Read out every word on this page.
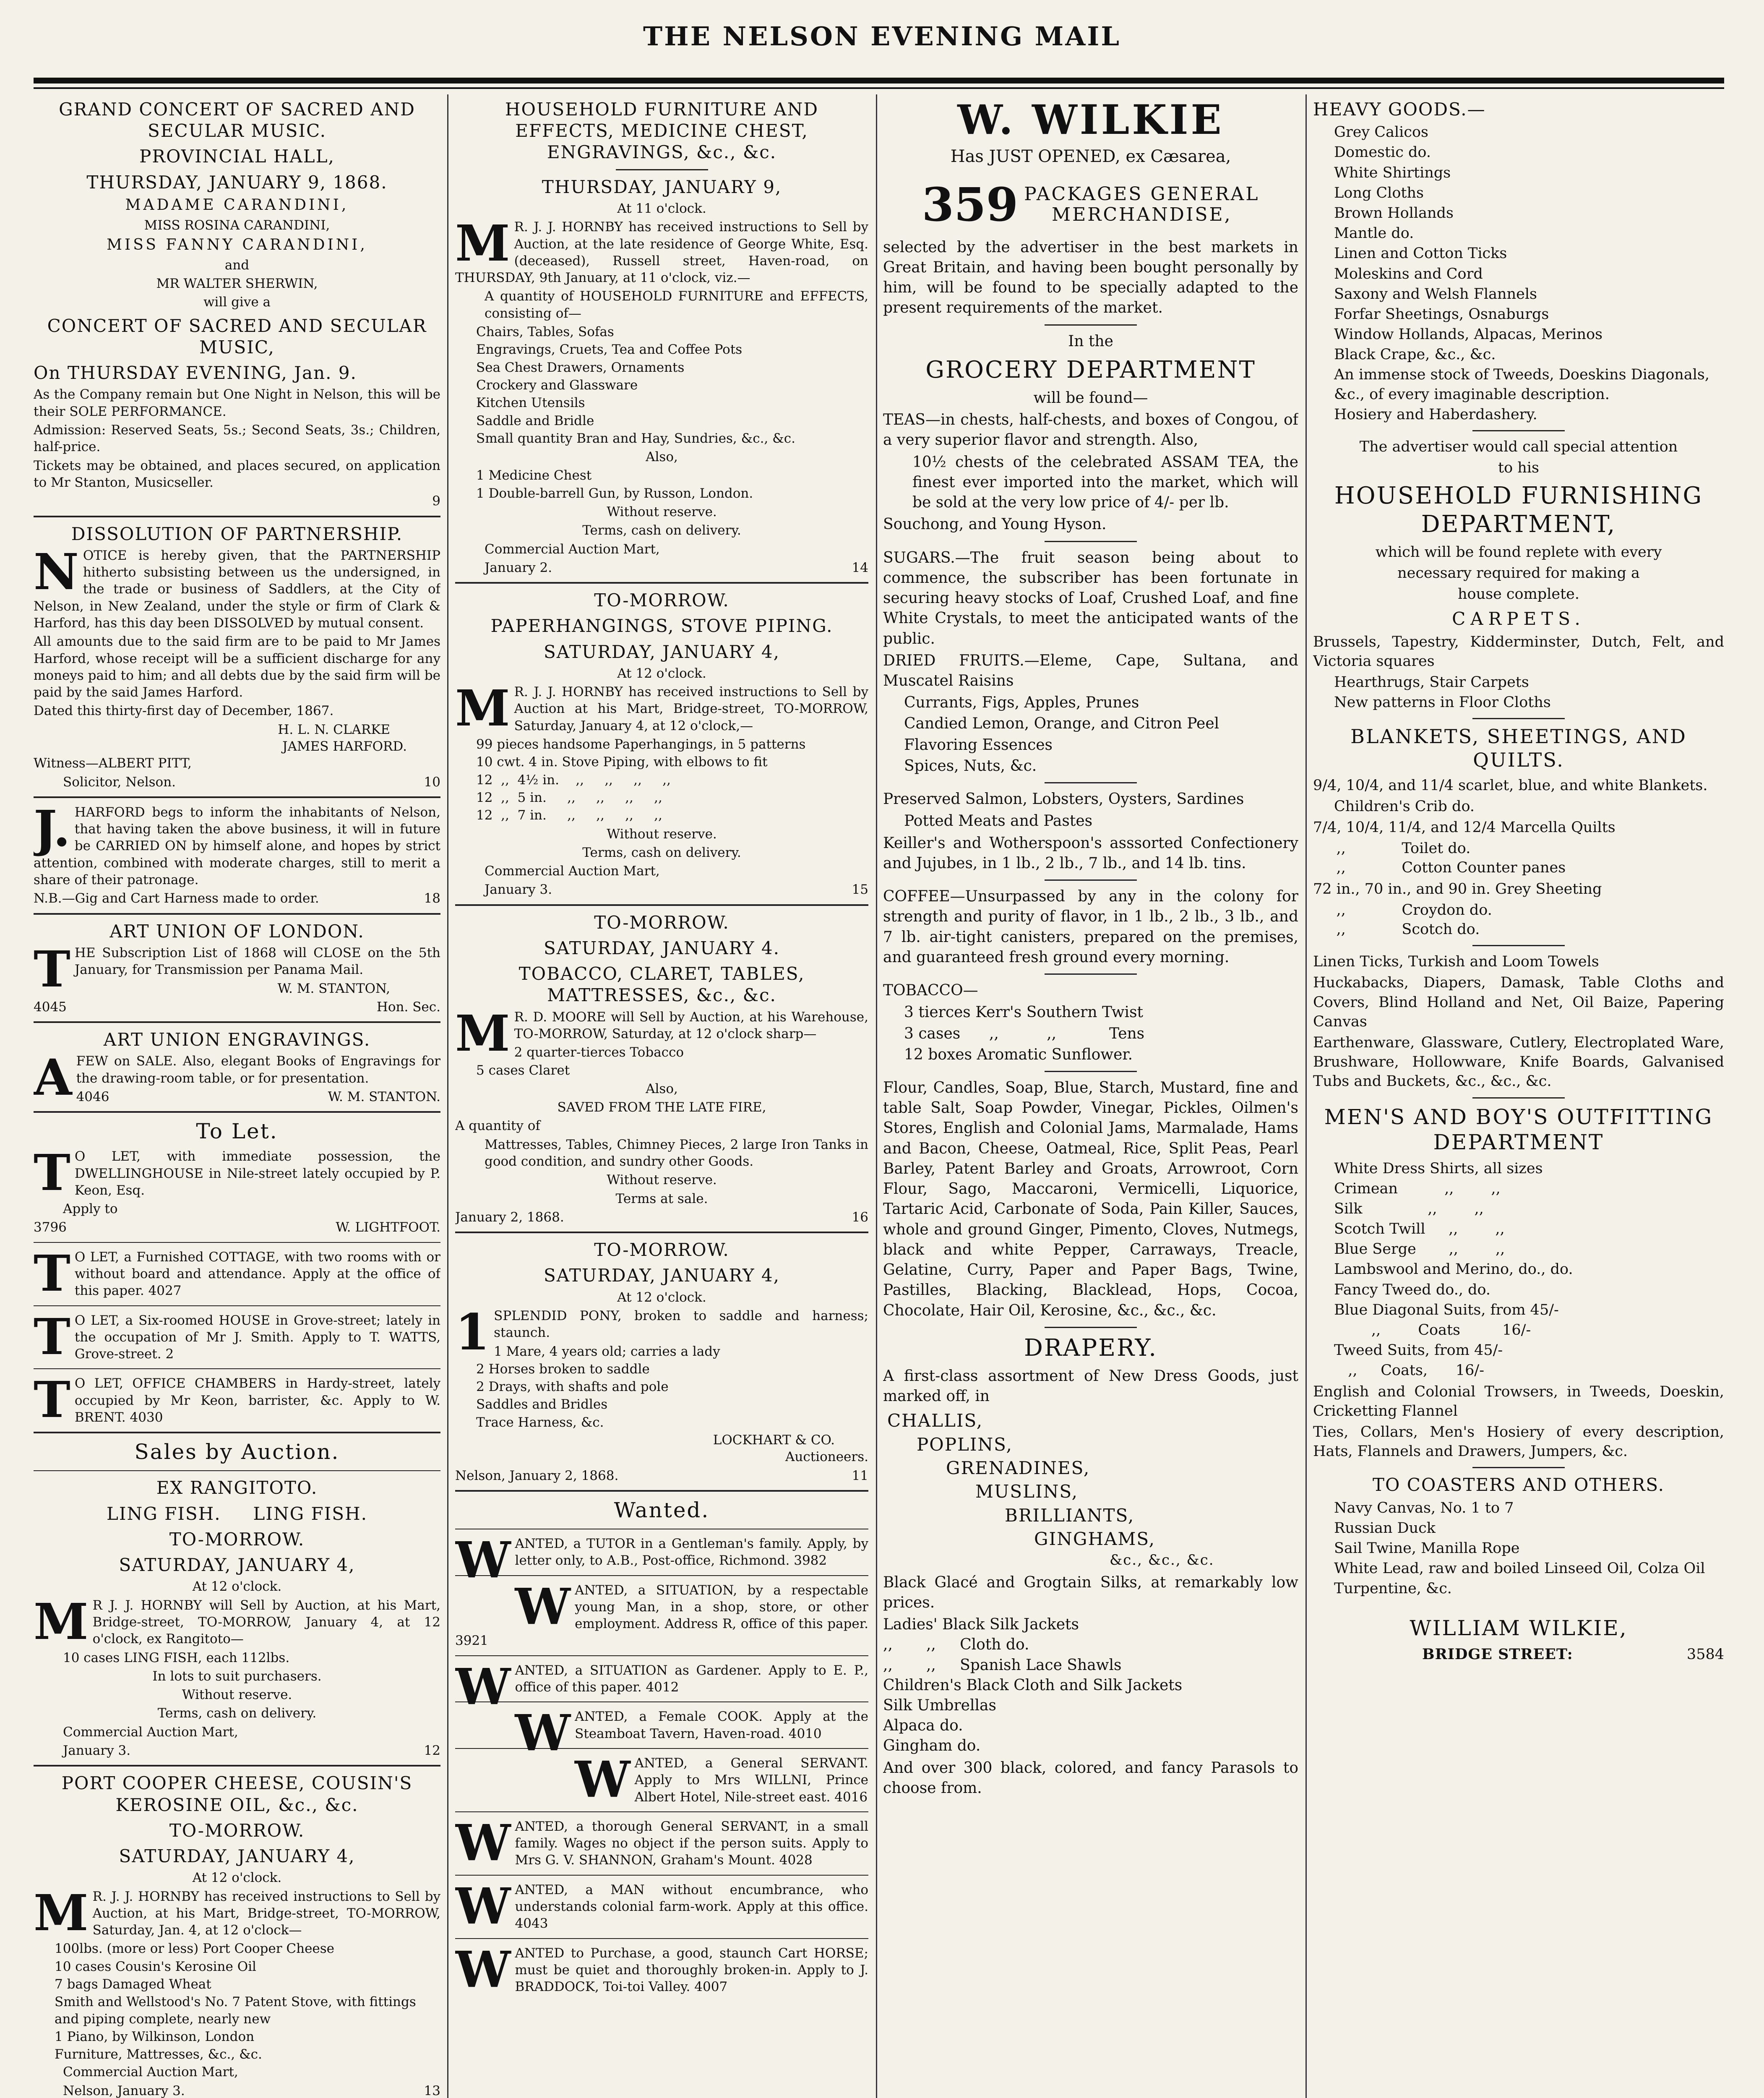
THE NELSON EVENING MAIL
GRAND CONCERT OF SACRED AND SECULAR MUSIC.
PROVINCIAL HALL,
THURSDAY, JANUARY 9, 1868.
MADAME CARANDINI,
MISS ROSINA CARANDINI,
MISS FANNY CARANDINI,
and
MR WALTER SHERWIN,
will give a
CONCERT OF SACRED AND SECULAR MUSIC,
On THURSDAY EVENING, Jan. 9.
As the Company remain but One Night in Nelson, this will be their SOLE PERFORMANCE.
Admission: Reserved Seats, 5s.; Second Seats, 3s.; Children, half-price.
Tickets may be obtained, and places secured, on application to Mr Stanton, Musicseller.
9
DISSOLUTION OF PARTNERSHIP.
NOTICE is hereby given, that the PARTNERSHIP hitherto subsisting between us the undersigned, in the trade or business of Saddlers, at the City of Nelson, in New Zealand, under the style or firm of Clark & Harford, has this day been DISSOLVED by mutual consent.
All amounts due to the said firm are to be paid to Mr James Harford, whose receipt will be a sufficient discharge for any moneys paid to him; and all debts due by the said firm will be paid by the said James Harford.
Dated this thirty-first day of December, 1867.
H. L. N. CLARKE
JAMES HARFORD.
Witness—ALBERT PITT,
Solicitor, Nelson.	10
J. HARFORD begs to inform the inhabitants of Nelson, that having taken the above business, it will in future be CARRIED ON by himself alone, and hopes by strict attention, combined with moderate charges, still to merit a share of their patronage.
N.B.—Gig and Cart Harness made to order.	18
ART UNION OF LONDON.
THE Subscription List of 1868 will CLOSE on the 5th January, for Transmission per Panama Mail.
W. M. STANTON,
4045	Hon. Sec.
ART UNION ENGRAVINGS.
AFEW on SALE. Also, elegant Books of Engravings for the drawing-room table, or for presentation.
4046	W. M. STANTON.
To Let.
T O LET, with immediate possession, the DWELLINGHOUSE in Nile-street lately occupied by P. Keon, Esq.
Apply to
3796	W. LIGHTFOOT.
T O LET, a Furnished COTTAGE, with two rooms with or without board and attendance. Apply at the office of this paper. 4027
T O LET, a Six-roomed HOUSE in Grove-street; lately in the occupation of Mr J. Smith. Apply to T. WATTS, Grove-street. 2
T O LET, OFFICE CHAMBERS in Hardy-street, lately occupied by Mr Keon, barrister, &c. Apply to W. BRENT. 4030
Sales by Auction.
EX RANGITOTO.
LING FISH.     LING FISH.
TO-MORROW.
SATURDAY, JANUARY 4,
At 12 o'clock.
M R J. J. HORNBY will Sell by Auction, at his Mart, Bridge-street, TO-MORROW, January 4, at 12 o'clock, ex Rangitoto—
10 cases LING FISH, each 112lbs.
In lots to suit purchasers.
Without reserve.
Terms, cash on delivery.
Commercial Auction Mart,
January 3.	12
PORT COOPER CHEESE, COUSIN'S KEROSINE OIL, &c., &c.
TO-MORROW.
SATURDAY, JANUARY 4,
At 12 o'clock.
M R. J. J. HORNBY has received instructions to Sell by Auction, at his Mart, Bridge-street, TO-MORROW, Saturday, Jan. 4, at 12 o'clock—
100lbs. (more or less) Port Cooper Cheese
10 cases Cousin's Kerosine Oil
7 bags Damaged Wheat
Smith and Wellstood's No. 7 Patent Stove, with fittings and piping complete, nearly new
1 Piano, by Wilkinson, London
Furniture, Mattresses, &c., &c.
Commercial Auction Mart,
Nelson, January 3.	13
HOUSEHOLD FURNITURE AND EFFECTS, MEDICINE CHEST, ENGRAVINGS, &c., &c.
THURSDAY, JANUARY 9,
At 11 o'clock.
M R. J. J. HORNBY has received instructions to Sell by Auction, at the late residence of George White, Esq. (deceased), Russell street, Haven-road, on THURSDAY, 9th January, at 11 o'clock, viz.—
A quantity of HOUSEHOLD FURNITURE and EFFECTS, consisting of—
Chairs, Tables, Sofas
Engravings, Cruets, Tea and Coffee Pots
Sea Chest Drawers, Ornaments
Crockery and Glassware
Kitchen Utensils
Saddle and Bridle
Small quantity Bran and Hay, Sundries, &c., &c.
Also,
1 Medicine Chest
1 Double-barrell Gun, by Russon, London.
Without reserve.
Terms, cash on delivery.
Commercial Auction Mart,
January 2.	14
TO-MORROW.
PAPERHANGINGS, STOVE PIPING.
SATURDAY, JANUARY 4,
At 12 o'clock.
M R. J. J. HORNBY has received instructions to Sell by Auction at his Mart, Bridge-street, TO-MORROW, Saturday, January 4, at 12 o'clock,—
99 pieces handsome Paperhangings, in 5 patterns
10 cwt. 4 in. Stove Piping, with elbows to fit
12  ,,  4½ in.    ,,     ,,     ,,     ,,
12  ,,  5 in.     ,,     ,,     ,,     ,,
12  ,,  7 in.     ,,     ,,     ,,     ,,
Without reserve.
Terms, cash on delivery.
Commercial Auction Mart,
January 3.	15
TO-MORROW.
SATURDAY, JANUARY 4.
TOBACCO, CLARET, TABLES, MATTRESSES, &c., &c.
M R. D. MOORE will Sell by Auction, at his Warehouse, TO-MORROW, Saturday, at 12 o'clock sharp—
2 quarter-tierces Tobacco
5 cases Claret
Also,
SAVED FROM THE LATE FIRE,
A quantity of
Mattresses, Tables, Chimney Pieces, 2 large Iron Tanks in good condition, and sundry other Goods.
Without reserve.
Terms at sale.
January 2, 1868.	16
TO-MORROW.
SATURDAY, JANUARY 4,
At 12 o'clock.
1 SPLENDID PONY, broken to saddle and harness; staunch.
1 Mare, 4 years old; carries a lady
2 Horses broken to saddle
2 Drays, with shafts and pole
Saddles and Bridles
Trace Harness, &c.
LOCKHART & CO.
Auctioneers.
Nelson, January 2, 1868.	11
Wanted.
WANTED, a TUTOR in a Gentleman's family. Apply, by letter only, to A.B., Post-office, Richmond. 3982
WANTED, a SITUATION, by a respectable young Man, in a shop, store, or other employment. Address R, office of this paper. 3921
WANTED, a SITUATION as Gardener. Apply to E. P., office of this paper. 4012
WANTED, a Female COOK. Apply at the Steamboat Tavern, Haven-road. 4010
WANTED, a General SERVANT. Apply to Mrs WILLNI, Prince Albert Hotel, Nile-street east. 4016
WANTED, a thorough General SERVANT, in a small family. Wages no object if the person suits. Apply to Mrs G. V. SHANNON, Graham's Mount. 4028
WANTED, a MAN without encumbrance, who understands colonial farm-work. Apply at this office. 4043
WANTED to Purchase, a good, staunch Cart HORSE; must be quiet and thoroughly broken-in. Apply to J. BRADDOCK, Toi-toi Valley. 4007
W. WILKIE
Has JUST OPENED, ex Cæsarea,
359 PACKAGES GENERAL
MERCHANDISE,
selected by the advertiser in the best markets in Great Britain, and having been bought personally by him, will be found to be specially adapted to the present requirements of the market.
In the
GROCERY DEPARTMENT
will be found—
TEAS—in chests, half-chests, and boxes of Congou, of a very superior flavor and strength. Also,
10½ chests of the celebrated ASSAM TEA, the finest ever imported into the market, which will be sold at the very low price of 4/- per lb.
Souchong, and Young Hyson.
SUGARS.—The fruit season being about to commence, the subscriber has been fortunate in securing heavy stocks of Loaf, Crushed Loaf, and fine White Crystals, to meet the anticipated wants of the public.
DRIED FRUITS.—Eleme, Cape, Sultana, and Muscatel Raisins
Currants, Figs, Apples, Prunes
Candied Lemon, Orange, and Citron Peel
Flavoring Essences
Spices, Nuts, &c.
Preserved Salmon, Lobsters, Oysters, Sardines
Potted Meats and Pastes
Keiller's and Wotherspoon's asssorted Confectionery and Jujubes, in 1 lb., 2 lb., 7 lb., and 14 lb. tins.
COFFEE—Unsurpassed by any in the colony for strength and purity of flavor, in 1 lb., 2 lb., 3 lb., and 7 lb. air-tight canisters, prepared on the premises, and guaranteed fresh ground every morning.
TOBACCO—
3 tierces Kerr's Southern Twist
3 cases      ,,          ,,           Tens
12 boxes Aromatic Sunflower.
Flour, Candles, Soap, Blue, Starch, Mustard, fine and table Salt, Soap Powder, Vinegar, Pickles, Oilmen's Stores, English and Colonial Jams, Marmalade, Hams and Bacon, Cheese, Oatmeal, Rice, Split Peas, Pearl Barley, Patent Barley and Groats, Arrowroot, Corn Flour, Sago, Maccaroni, Vermicelli, Liquorice, Tartaric Acid, Carbonate of Soda, Pain Killer, Sauces, whole and ground Ginger, Pimento, Cloves, Nutmegs, black and white Pepper, Carraways, Treacle, Gelatine, Curry, Paper and Paper Bags, Twine, Pastilles, Blacking, Blacklead, Hops, Cocoa, Chocolate, Hair Oil, Kerosine, &c., &c., &c.
DRAPERY.
A first-class assortment of New Dress Goods, just marked off, in
CHALLIS,
POPLINS,
GRENADINES,
MUSLINS,
BRILLIANTS,
GINGHAMS,
&c., &c., &c.
Black Glacé and Grogtain Silks, at remarkably low prices.
Ladies' Black Silk Jackets
,,       ,,     Cloth do.
,,       ,,     Spanish Lace Shawls
Children's Black Cloth and Silk Jackets
Silk Umbrellas
Alpaca do.
Gingham do.
And over 300 black, colored, and fancy Parasols to choose from.
HEAVY GOODS.—
Grey Calicos
Domestic do.
White Shirtings
Long Cloths
Brown Hollands
Mantle do.
Linen and Cotton Ticks
Moleskins and Cord
Saxony and Welsh Flannels
Forfar Sheetings, Osnaburgs
Window Hollands, Alpacas, Merinos
Black Crape, &c., &c.
An immense stock of Tweeds, Doeskins Diagonals, &c., of every imaginable description.
Hosiery and Haberdashery.
The advertiser would call special attention
to his
HOUSEHOLD FURNISHING DEPARTMENT,
which will be found replete with every
necessary required for making a
house complete.
CARPETS.
Brussels, Tapestry, Kidderminster, Dutch, Felt, and Victoria squares
Hearthrugs, Stair Carpets
New patterns in Floor Cloths
BLANKETS, SHEETINGS, AND QUILTS.
9/4, 10/4, and 11/4 scarlet, blue, and white Blankets.
Children's Crib do.
7/4, 10/4, 11/4, and 12/4 Marcella Quilts
,,            Toilet do.
,,            Cotton Counter panes
72 in., 70 in., and 90 in. Grey Sheeting
,,            Croydon do.
,,            Scotch do.
Linen Ticks, Turkish and Loom Towels
Huckabacks, Diapers, Damask, Table Cloths and Covers, Blind Holland and Net, Oil Baize, Papering Canvas
Earthenware, Glassware, Cutlery, Electroplated Ware, Brushware, Hollowware, Knife Boards, Galvanised Tubs and Buckets, &c., &c., &c.
MEN'S AND BOY'S OUTFITTING DEPARTMENT
White Dress Shirts, all sizes
Crimean          ,,        ,,
Silk              ,,        ,,
Scotch Twill     ,,        ,,
Blue Serge       ,,        ,,
Lambswool and Merino, do., do.
Fancy Tweed do., do.
Blue Diagonal Suits, from 45/-
,,        Coats         16/-
Tweed Suits, from 45/-
,,     Coats,      16/-
English and Colonial Trowsers, in Tweeds, Doeskin, Cricketting Flannel
Ties, Collars, Men's Hosiery of every description, Hats, Flannels and Drawers, Jumpers, &c.
TO COASTERS AND OTHERS.
Navy Canvas, No. 1 to 7
Russian Duck
Sail Twine, Manilla Rope
White Lead, raw and boiled Linseed Oil, Colza Oil
Turpentine, &c.
WILLIAM WILKIE,
BRIDGE STREET:	3584
